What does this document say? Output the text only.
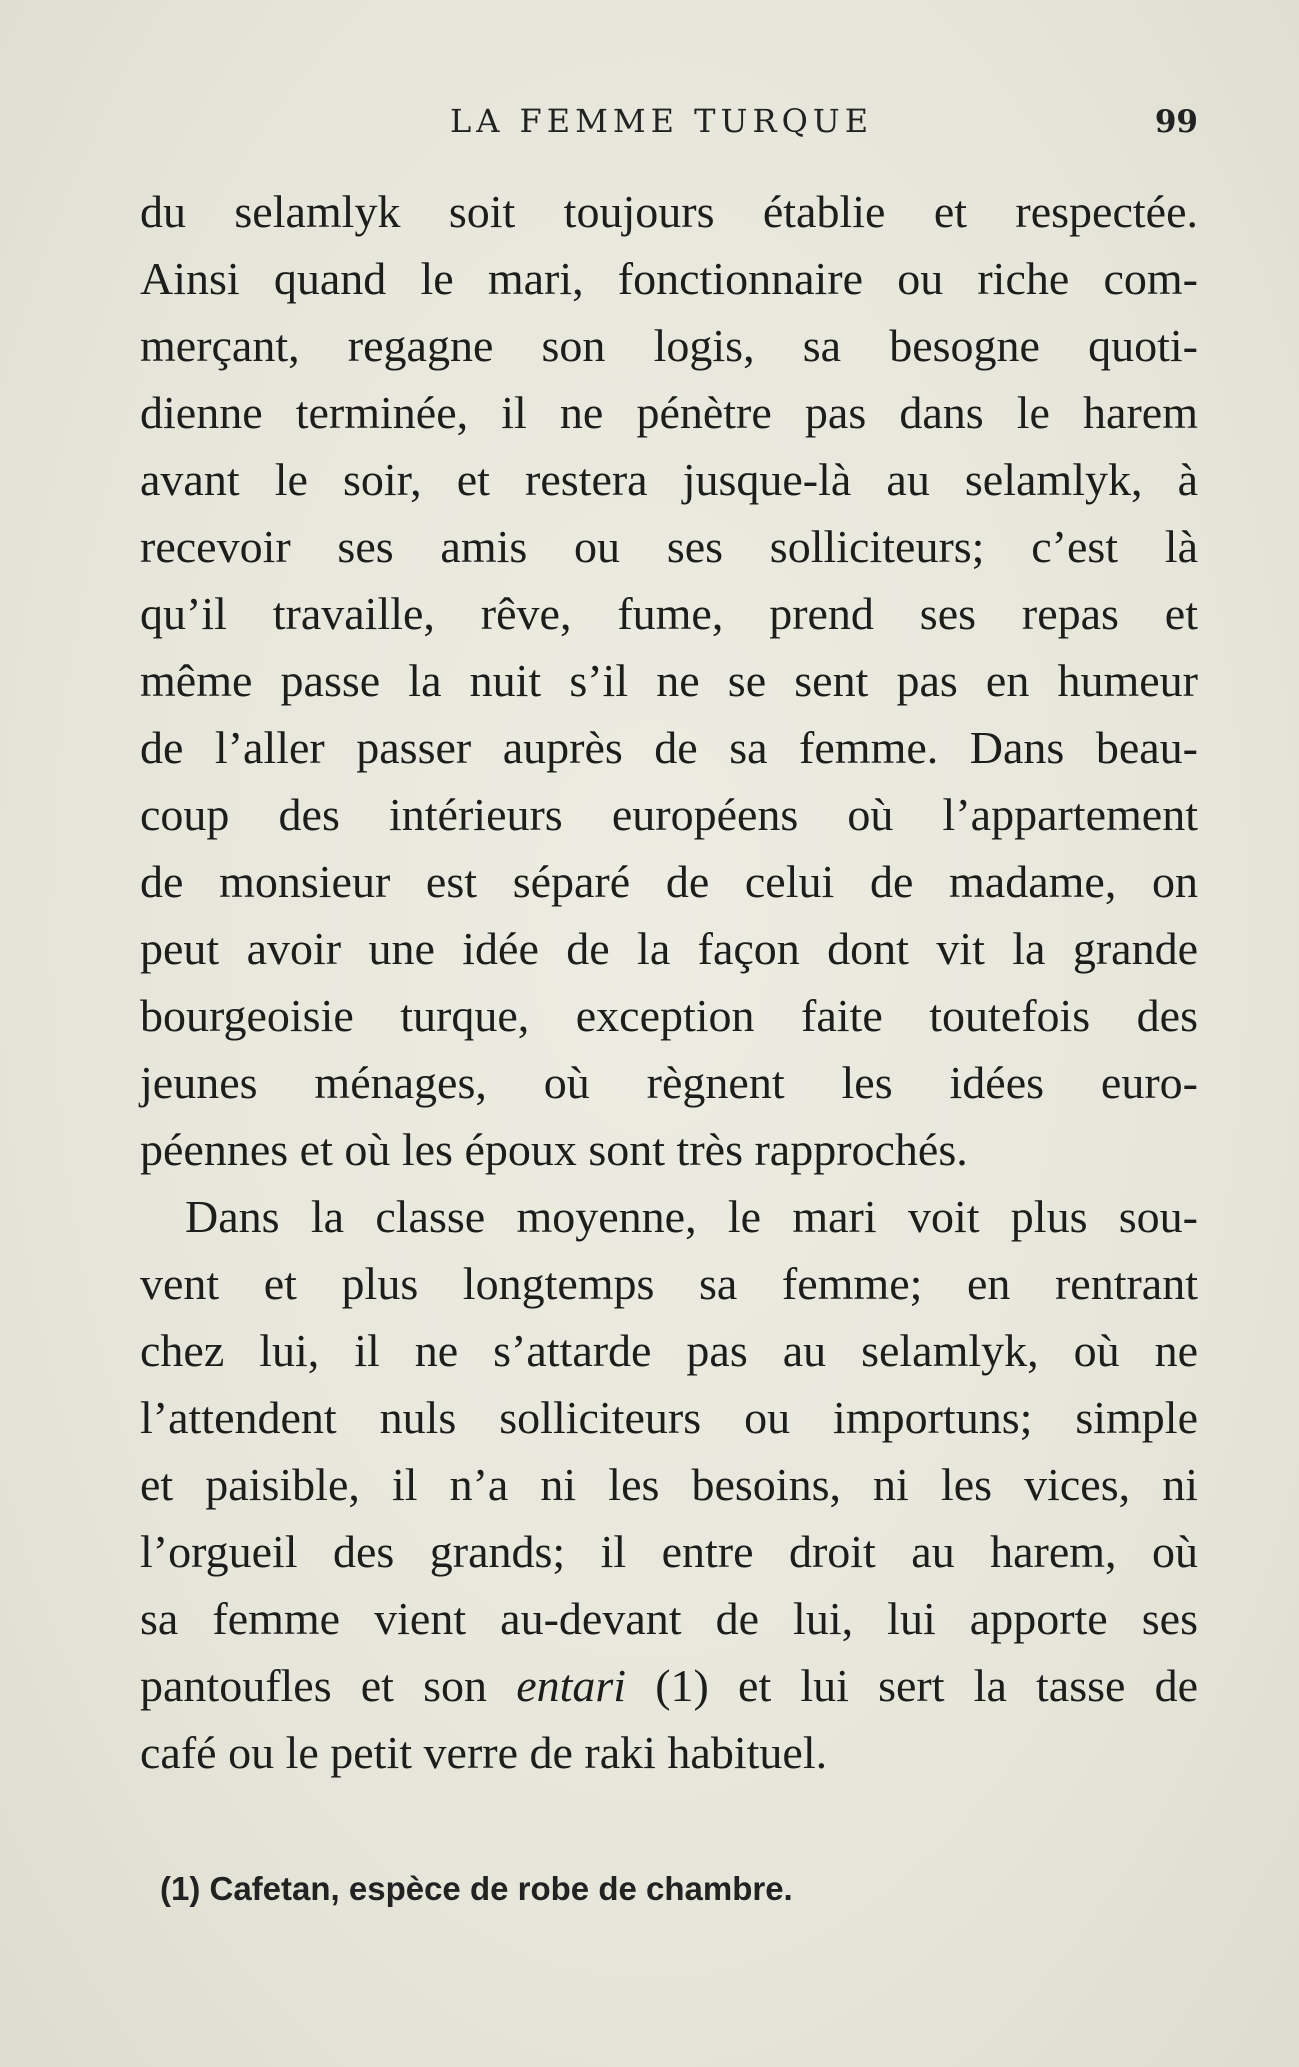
LA FEMME TURQUE	99
du selamlyk soit toujours établie et respectée.
Ainsi quand le mari, fonctionnaire ou riche com-
merçant, regagne son logis, sa besogne quoti-
dienne terminée, il ne pénètre pas dans le harem
avant le soir, et restera jusque-là au selamlyk, à
recevoir ses amis ou ses solliciteurs; c’est là
qu’il travaille, rêve, fume, prend ses repas et
même passe la nuit s’il ne se sent pas en humeur
de l’aller passer auprès de sa femme. Dans beau-
coup des intérieurs européens où l’appartement
de monsieur est séparé de celui de madame, on
peut avoir une idée de la façon dont vit la grande
bourgeoisie turque, exception faite toutefois des
jeunes ménages, où règnent les idées euro-
péennes et où les époux sont très rapprochés.
Dans la classe moyenne, le mari voit plus sou-
vent et plus longtemps sa femme; en rentrant
chez lui, il ne s’attarde pas au selamlyk, où ne
l’attendent nuls solliciteurs ou importuns; simple
et paisible, il n’a ni les besoins, ni les vices, ni
l’orgueil des grands; il entre droit au harem, où
sa femme vient au-devant de lui, lui apporte ses
pantoufles et son entari (1) et lui sert la tasse de
café ou le petit verre de raki habituel.
(1) Cafetan, espèce de robe de chambre.
